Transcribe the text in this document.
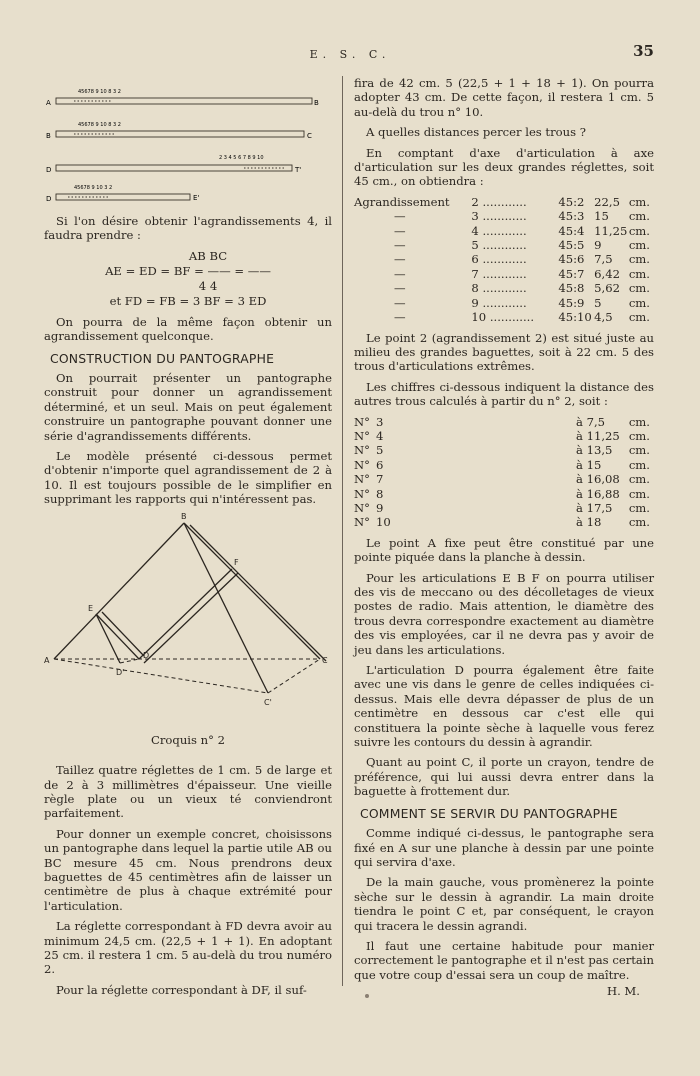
E. S. C.	35
A
45678 9 10 8 3 2
B
B
45678 9 10 8 3 2
C
D
2 3 4 5 6 7 8 9 10
T'
D
45678 9 10 3 2
E'

Si l'on désire obtenir l'agrandissements 4, il faudra prendre :

AB BC
AE = ED = BF = —— = ——
4 4
et FD = FB = 3 BF = 3 ED

On pourra de la même façon obtenir un agrandissement quelconque.

CONSTRUCTION DU PANTOGRAPHE

On pourrait présenter un pantographe construit pour donner un agrandissement déterminé, et un seul. Mais on peut également construire un pantographe pouvant donner une série d'agrandissements différents.

Le modèle présenté ci-dessous permet d'obtenir n'importe quel agrandissement de 2 à 10. Il est toujours possible de le simplifier en supprimant les rapports qui n'intéressent pas.

A
B
C
D
E
F
D'
C'
Croquis n° 2

Taillez quatre réglettes de 1 cm. 5 de large et de 2 à 3 millimètres d'épaisseur. Une vieille règle plate ou un vieux té conviendront parfaitement.

Pour donner un exemple concret, choisissons un pantographe dans lequel la partie utile AB ou BC mesure 45 cm. Nous prendrons deux baguettes de 45 centimètres afin de laisser un centimètre de plus à chaque extrémité pour l'articulation.

La réglette correspondant à FD devra avoir au minimum 24,5 cm. (22,5 + 1 + 1). En adoptant 25 cm. il restera 1 cm. 5 au-delà du trou numéro 2.

Pour la réglette correspondant à DF, il suf-

fira de 42 cm. 5 (22,5 + 1 + 18 + 1). On pourra adopter 43 cm. De cette façon, il restera 1 cm. 5 au-delà du trou n° 10.

A quelles distances percer les trous ?

En comptant d'axe d'articulation à axe d'articulation sur les deux grandes réglettes, soit 45 cm., on obtiendra :

Agrandissement	2 ............	45:2	22,5	cm.
—	3 ............	45:3	15	cm.
—	4 ............	45:4	11,25	cm.
—	5 ............	45:5	9	cm.
—	6 ............	45:6	7,5	cm.
—	7 ............	45:7	6,42	cm.
—	8 ............	45:8	5,62	cm.
—	9 ............	45:9	5	cm.
—	10 ............	45:10	4,5	cm.

Le point 2 (agrandissement 2) est situé juste au milieu des grandes baguettes, soit à 22 cm. 5 des trous d'articulations extrêmes.

Les chiffres ci-dessous indiquent la distance des autres trous calculés à partir du n° 2, soit :

N°	3	à 7,5	cm.
N°	4	à 11,25	cm.
N°	5	à 13,5	cm.
N°	6	à 15	cm.
N°	7	à 16,08	cm.
N°	8	à 16,88	cm.
N°	9	à 17,5	cm.
N°	10	à 18	cm.

Le point A fixe peut être constitué par une pointe piquée dans la planche à dessin.

Pour les articulations E B F on pourra utiliser des vis de meccano ou des décolletages de vieux postes de radio. Mais attention, le diamètre des trous devra correspondre exactement au diamètre des vis employées, car il ne devra pas y avoir de jeu dans les articulations.

L'articulation D pourra également être faite avec une vis dans le genre de celles indiquées ci-dessus. Mais elle devra dépasser de plus de un centimètre en dessous car c'est elle qui constituera la pointe sèche à laquelle vous ferez suivre les contours du dessin à agrandir.

Quant au point C, il porte un crayon, tendre de préférence, qui lui aussi devra entrer dans la baguette à frottement dur.

COMMENT SE SERVIR DU PANTOGRAPHE

Comme indiqué ci-dessus, le pantographe sera fixé en A sur une planche à dessin par une pointe qui servira d'axe.

De la main gauche, vous promènerez la pointe sèche sur le dessin à agrandir. La main droite tiendra le point C et, par conséquent, le crayon qui tracera le dessin agrandi.

Il faut une certaine habitude pour manier correctement le pantographe et il n'est pas certain que votre coup d'essai sera un coup de maître.

H. M.
